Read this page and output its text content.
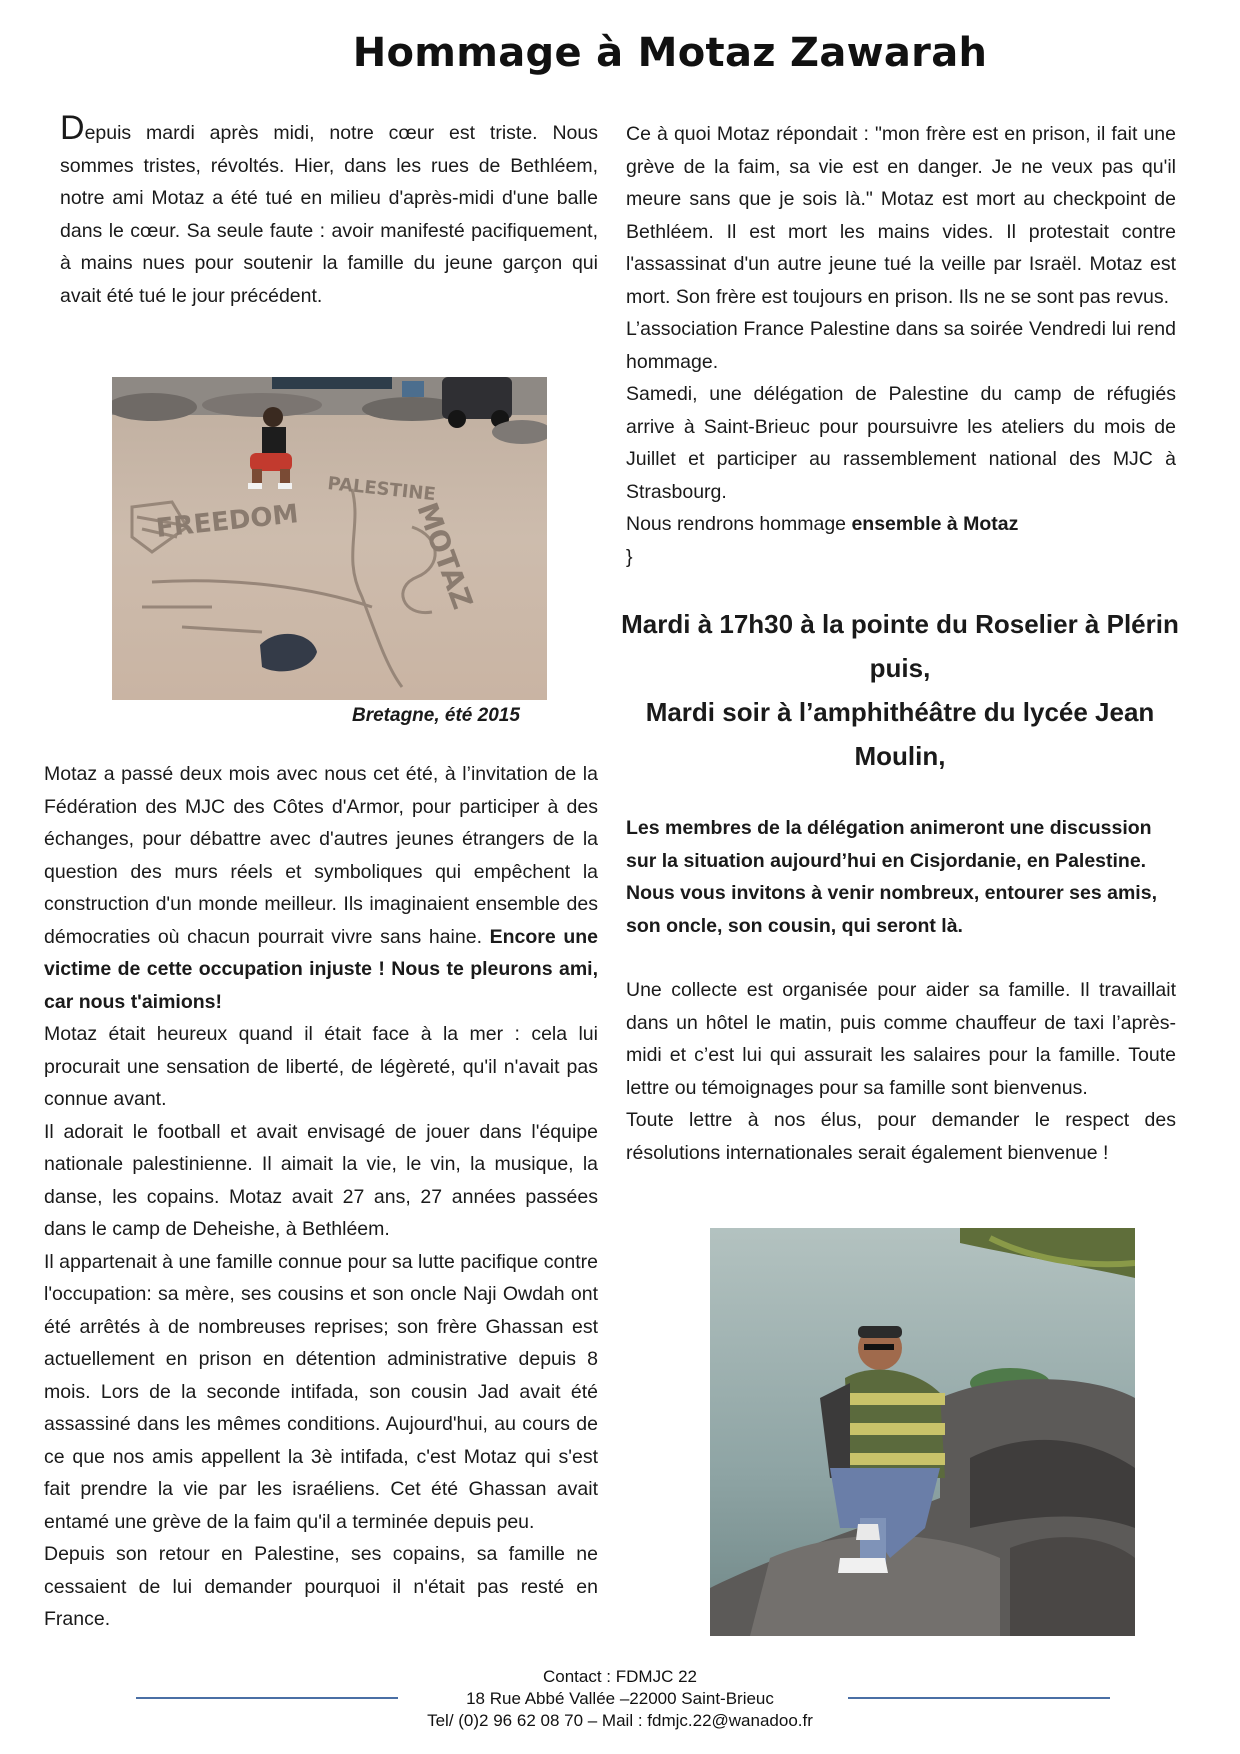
Hommage à Motaz Zawarah

Depuis mardi après midi, notre cœur est triste. Nous sommes tristes, révoltés. Hier, dans les rues de Bethléem, notre ami Motaz a été tué en milieu d'après-midi d'une balle dans le cœur. Sa seule faute : avoir manifesté pacifiquement, à mains nues pour soutenir la famille du jeune garçon qui avait été tué le jour précédent.

FREEDOM
PALESTINE
MOTAZ
Bretagne, été 2015

Motaz a passé deux mois avec nous cet été, à l’invitation de la Fédération des MJC des Côtes d'Armor, pour participer à des échanges, pour débattre avec d'autres jeunes étrangers de la question des murs réels et symboliques qui empêchent la construction d'un monde meilleur. Ils imaginaient ensemble des démocraties où chacun pourrait vivre sans haine. Encore une victime de cette occupation injuste ! Nous te pleurons ami, car nous t'aimions!

Motaz était heureux quand il était face à la mer : cela lui procurait une sensation de liberté, de légèreté, qu'il n'avait pas connue avant.

Il adorait le football et avait envisagé de jouer dans l'équipe nationale palestinienne. Il aimait la vie, le vin, la musique, la danse, les copains. Motaz avait 27 ans, 27 années passées dans le camp de Deheishe, à Bethléem.

Il appartenait à une famille connue pour sa lutte pacifique contre l'occupation: sa mère, ses cousins et son oncle Naji Owdah ont été arrêtés à de nombreuses reprises; son frère Ghassan est actuellement en prison en détention administrative depuis 8 mois. Lors de la seconde intifada, son cousin Jad avait été assassiné dans les mêmes conditions. Aujourd'hui, au cours de ce que nos amis appellent la 3è intifada, c'est Motaz qui s'est fait prendre la vie par les israéliens. Cet été Ghassan avait entamé une grève de la faim qu'il a terminée depuis peu.

Depuis son retour en Palestine, ses copains, sa famille ne cessaient de lui demander pourquoi il n'était pas resté en France.

Ce à quoi Motaz répondait : "mon frère est en prison, il fait une grève de la faim, sa vie est en danger. Je ne veux pas qu'il meure sans que je sois là." Motaz est mort au checkpoint de Bethléem. Il est mort les mains vides. Il protestait contre l'assassinat d'un autre jeune tué la veille par Israël. Motaz est mort. Son frère est toujours en prison. Ils ne se sont pas revus.

L’association France Palestine dans sa soirée Vendredi lui rend hommage.

Samedi, une délégation de Palestine du camp de réfugiés arrive à Saint-Brieuc pour poursuivre les ateliers du mois de Juillet et participer au rassemblement national des MJC à Strasbourg.

Nous rendrons hommage ensemble à Motaz

}
Mardi à 17h30 à la pointe du Roselier à Plérin puis,
Mardi soir à l’amphithéâtre du lycée Jean Moulin,
Les membres de la délégation animeront une discussion sur la situation aujourd’hui en Cisjordanie, en Palestine. Nous vous invitons à venir nombreux, entourer ses amis, son oncle, son cousin, qui seront là.

Une collecte est organisée pour aider sa famille. Il travaillait dans un hôtel le matin, puis comme chauffeur de taxi l’après-midi et c’est lui qui assurait les salaires pour la famille. Toute lettre ou témoignages pour sa famille sont bienvenus.

Toute lettre à nos élus, pour demander le respect des résolutions internationales serait également bienvenue !

Contact : FDMJC 22
18 Rue Abbé Vallée –22000 Saint-Brieuc
Tel/ (0)2 96 62 08 70 – Mail : fdmjc.22@wanadoo.fr
